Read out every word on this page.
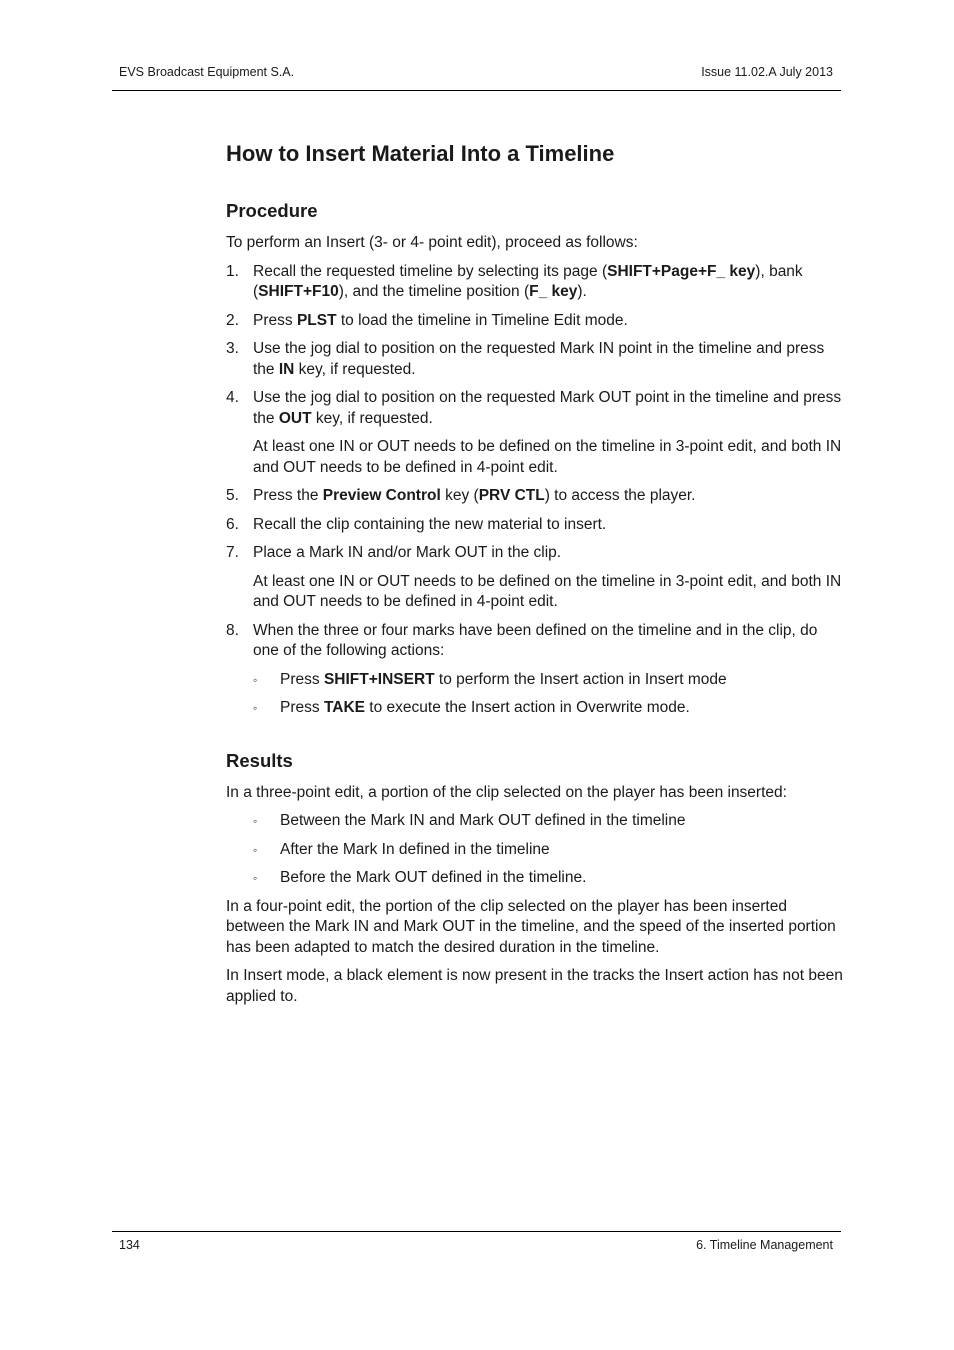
EVS Broadcast Equipment S.A.	Issue 11.02.A July 2013
How to Insert Material Into a Timeline
Procedure

To perform an Insert (3- or 4- point edit), proceed as follows:

1. Recall the requested timeline by selecting its page (SHIFT+Page+F_ key), bank (SHIFT+F10), and the timeline position (F_ key).
2. Press PLST to load the timeline in Timeline Edit mode.
3. Use the jog dial to position on the requested Mark IN point in the timeline and press the IN key, if requested.
4. Use the jog dial to position on the requested Mark OUT point in the timeline and press the OUT key, if requested.

At least one IN or OUT needs to be defined on the timeline in 3-point edit, and both IN and OUT needs to be defined in 4-point edit.

5. Press the Preview Control key (PRV CTL) to access the player.
6. Recall the clip containing the new material to insert.
7. Place a Mark IN and/or Mark OUT in the clip.

At least one IN or OUT needs to be defined on the timeline in 3-point edit, and both IN and OUT needs to be defined in 4-point edit.

8. When the three or four marks have been defined on the timeline and in the clip, do one of the following actions:
◦ Press SHIFT+INSERT to perform the Insert action in Insert mode
◦ Press TAKE to execute the Insert action in Overwrite mode.
Results

In a three-point edit, a portion of the clip selected on the player has been inserted:

◦ Between the Mark IN and Mark OUT defined in the timeline
◦ After the Mark In defined in the timeline
◦ Before the Mark OUT defined in the timeline.

In a four-point edit, the portion of the clip selected on the player has been inserted between the Mark IN and Mark OUT in the timeline, and the speed of the inserted portion has been adapted to match the desired duration in the timeline.

In Insert mode, a black element is now present in the tracks the Insert action has not been applied to.

134	6. Timeline Management
